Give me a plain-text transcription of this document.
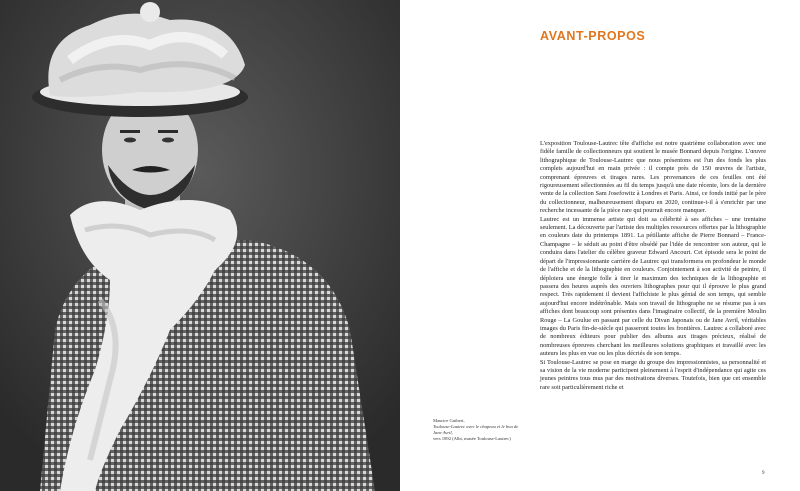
Maurice Guibert,
Toulouse-Lautrec avec le chapeau et le boa de Jane Avril,
vers 1892 (Albi, musée Toulouse-Lautrec)
AVANT-PROPOS

L'exposition Toulouse-Lautrec tête d'affiche est notre quatrième collaboration avec une fidèle famille de collectionneurs qui soutient le musée Bonnard depuis l'origine. L'œuvre lithographique de Toulouse-Lautrec que nous présentons est l'un des fonds les plus complets aujourd'hui en main privée : il compte près de 150 œuvres de l'artiste, comprenant épreuves et tirages rares. Les provenances de ces feuilles ont été rigoureusement sélectionnées au fil du temps jusqu'à une date récente, lors de la dernière vente de la collection Sam Josefowitz à Londres et Paris. Ainsi, ce fonds initié par le père du collectionneur, malheureusement disparu en 2020, continue-t-il à s'enrichir par une recherche incessante de la pièce rare qui pourrait encore manquer.

Lautrec est un immense artiste qui doit sa célébrité à ses affiches – une trentaine seulement. La découverte par l'artiste des multiples ressources offertes par la lithographie en couleurs date du printemps 1891. La pétillante affiche de Pierre Bonnard – France-Champagne – le séduit au point d'être obsédé par l'idée de rencontrer son auteur, qui le conduira dans l'atelier du célèbre graveur Edward Ancourt. Cet épisode sera le point de départ de l'impressionnante carrière de Lautrec qui transformera en profondeur le monde de l'affiche et de la lithographie en couleurs. Conjointement à son activité de peintre, il déploiera une énergie folle à tirer le maximum des techniques de la lithographie et passera des heures auprès des ouvriers lithographes pour qui il éprouve le plus grand respect. Très rapidement il devient l'affichiste le plus génial de son temps, qui semble aujourd'hui encore indétrônable. Mais son travail de lithographe ne se résume pas à ses affiches dont beaucoup sont présentes dans l'imaginaire collectif, de la première Moulin Rouge – La Goulue en passant par celle du Divan Japonais ou de Jane Avril, véritables images du Paris fin-de-siècle qui passeront toutes les frontières. Lautrec a collaboré avec de nombreux éditeurs pour publier des albums aux tirages précieux, réalisé de nombreuses épreuves cherchant les meilleures solutions graphiques et travaillé avec les auteurs les plus en vue ou les plus décriés de son temps.

Si Toulouse-Lautrec se pose en marge du groupe des impressionnistes, sa personnalité et sa vision de la vie moderne participent pleinement à l'esprit d'indépendance qui agite ces jeunes peintres tous mus par des motivations diverses. Toutefois, bien que cet ensemble rare soit particulièrement riche et

9
